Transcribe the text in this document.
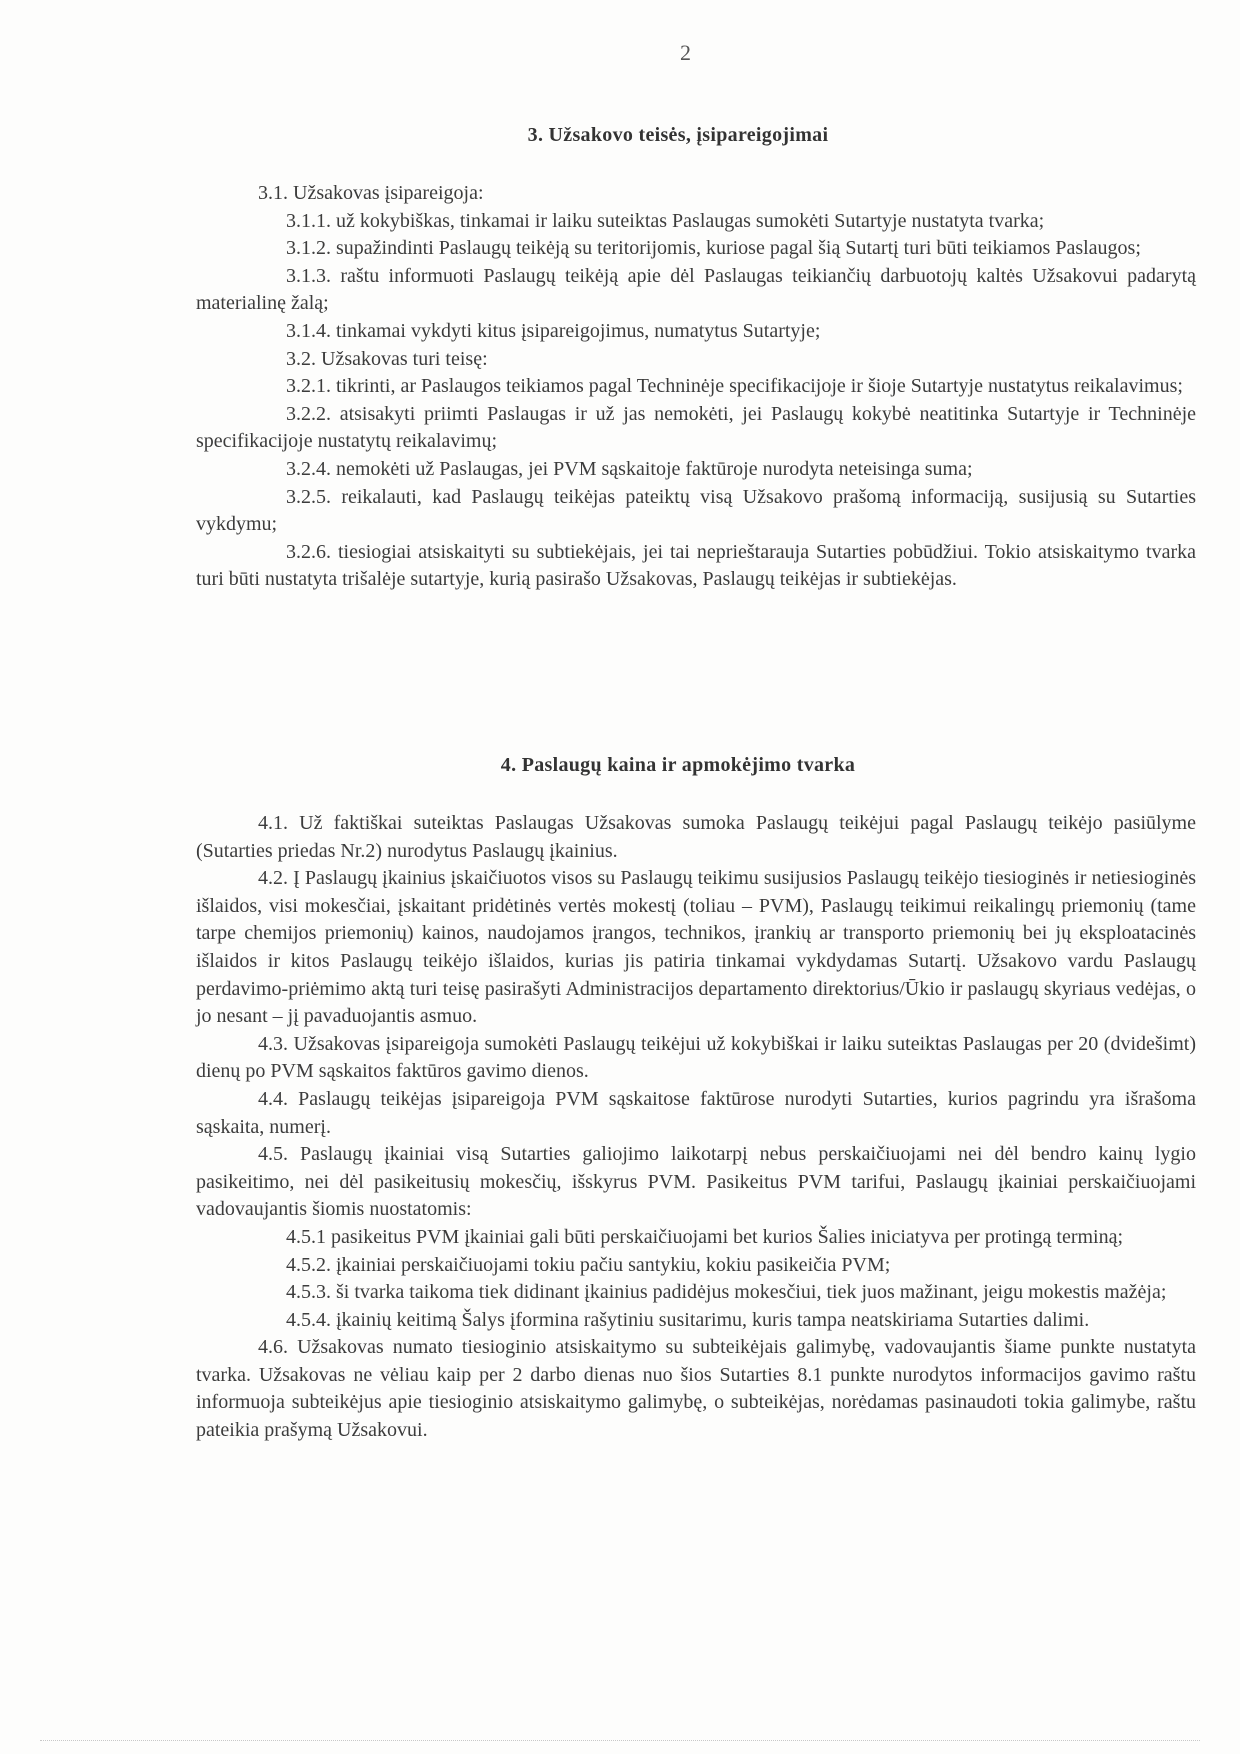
2
3. Užsakovo teisės, įsipareigojimai

3.1. Užsakovas įsipareigoja:

3.1.1. už kokybiškas, tinkamai ir laiku suteiktas Paslaugas sumokėti Sutartyje nustatyta tvarka;

3.1.2. supažindinti Paslaugų teikėją su teritorijomis, kuriose pagal šią Sutartį turi būti teikiamos Paslaugos;

3.1.3. raštu informuoti Paslaugų teikėją apie dėl Paslaugas teikiančių darbuotojų kaltės Užsakovui padarytą materialinę žalą;

3.1.4. tinkamai vykdyti kitus įsipareigojimus, numatytus Sutartyje;

3.2. Užsakovas turi teisę:

3.2.1. tikrinti, ar Paslaugos teikiamos pagal Techninėje specifikacijoje ir šioje Sutartyje nustatytus reikalavimus;

3.2.2. atsisakyti priimti Paslaugas ir už jas nemokėti, jei Paslaugų kokybė neatitinka Sutartyje ir Techninėje specifikacijoje nustatytų reikalavimų;

3.2.4. nemokėti už Paslaugas, jei PVM sąskaitoje faktūroje nurodyta neteisinga suma;

3.2.5. reikalauti, kad Paslaugų teikėjas pateiktų visą Užsakovo prašomą informaciją, susijusią su Sutarties vykdymu;

3.2.6. tiesiogiai atsiskaityti su subtiekėjais, jei tai neprieštarauja Sutarties pobūdžiui. Tokio atsiskaitymo tvarka turi būti nustatyta trišalėje sutartyje, kurią pasirašo Užsakovas, Paslaugų teikėjas ir subtiekėjas.

4. Paslaugų kaina ir apmokėjimo tvarka

4.1. Už faktiškai suteiktas Paslaugas Užsakovas sumoka Paslaugų teikėjui pagal Paslaugų teikėjo pasiūlyme (Sutarties priedas Nr.2) nurodytus Paslaugų įkainius.

4.2. Į Paslaugų įkainius įskaičiuotos visos su Paslaugų teikimu susijusios Paslaugų teikėjo tiesioginės ir netiesioginės išlaidos, visi mokesčiai, įskaitant pridėtinės vertės mokestį (toliau – PVM), Paslaugų teikimui reikalingų priemonių (tame tarpe chemijos priemonių) kainos, naudojamos įrangos, technikos, įrankių ar transporto priemonių bei jų eksploatacinės išlaidos ir kitos Paslaugų teikėjo išlaidos, kurias jis patiria tinkamai vykdydamas Sutartį. Užsakovo vardu Paslaugų perdavimo-priėmimo aktą turi teisę pasirašyti Administracijos departamento direktorius/Ūkio ir paslaugų skyriaus vedėjas, o jo nesant – jį pavaduojantis asmuo.

4.3. Užsakovas įsipareigoja sumokėti Paslaugų teikėjui už kokybiškai ir laiku suteiktas Paslaugas per 20 (dvidešimt) dienų po PVM sąskaitos faktūros gavimo dienos.

4.4. Paslaugų teikėjas įsipareigoja PVM sąskaitose faktūrose nurodyti Sutarties, kurios pagrindu yra išrašoma sąskaita, numerį.

4.5. Paslaugų įkainiai visą Sutarties galiojimo laikotarpį nebus perskaičiuojami nei dėl bendro kainų lygio pasikeitimo, nei dėl pasikeitusių mokesčių, išskyrus PVM. Pasikeitus PVM tarifui, Paslaugų įkainiai perskaičiuojami vadovaujantis šiomis nuostatomis:

4.5.1 pasikeitus PVM įkainiai gali būti perskaičiuojami bet kurios Šalies iniciatyva per protingą terminą;

4.5.2. įkainiai perskaičiuojami tokiu pačiu santykiu, kokiu pasikeičia PVM;

4.5.3. ši tvarka taikoma tiek didinant įkainius padidėjus mokesčiui, tiek juos mažinant, jeigu mokestis mažėja;

4.5.4. įkainių keitimą Šalys įformina rašytiniu susitarimu, kuris tampa neatskiriama Sutarties dalimi.

4.6. Užsakovas numato tiesioginio atsiskaitymo su subteikėjais galimybę, vadovaujantis šiame punkte nustatyta tvarka. Užsakovas ne vėliau kaip per 2 darbo dienas nuo šios Sutarties 8.1 punkte nurodytos informacijos gavimo raštu informuoja subteikėjus apie tiesioginio atsiskaitymo galimybę, o subteikėjas, norėdamas pasinaudoti tokia galimybe, raštu pateikia prašymą Užsakovui.
